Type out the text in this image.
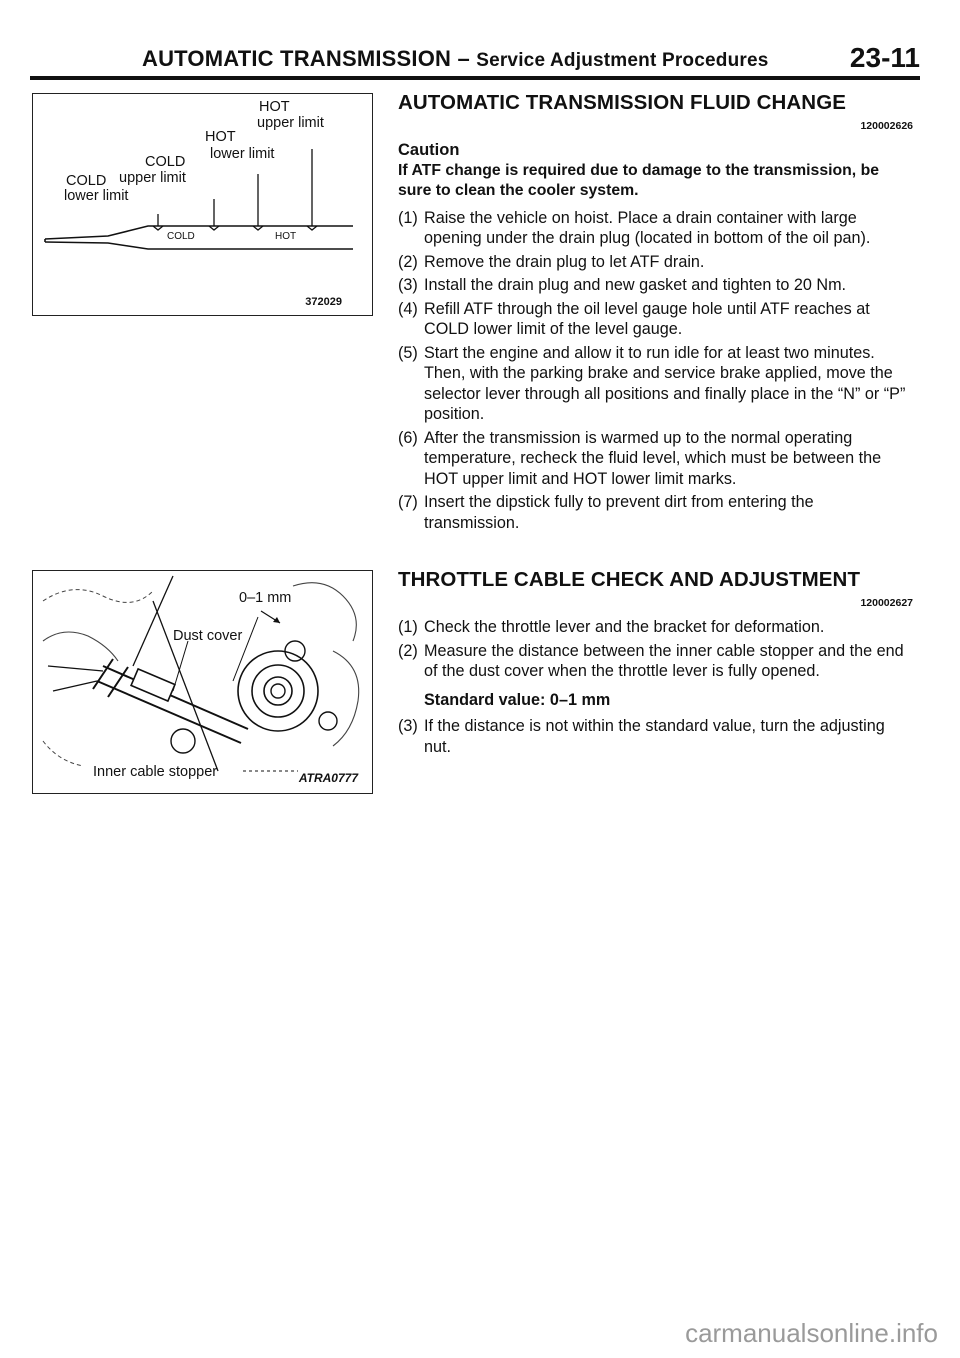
AUTOMATIC TRANSMISSION – Service Adjustment Procedures	23-11
HOT
upper limit
HOT
lower limit
COLD
COLD upper limit
lower limit
COLD	HOT
372029
0–1 mm
Dust cover
Inner cable stopper	ATRA0777
AUTOMATIC TRANSMISSION FLUID CHANGE
120002626
Caution
If ATF change is required due to damage to the transmission, be sure to clean the cooler system.
(1) Raise the vehicle on hoist. Place a drain container with large opening under the drain plug (located in bottom of the oil pan).
(2) Remove the drain plug to let ATF drain.
(3) Install the drain plug and new gasket and tighten to 20 Nm.
(4) Refill ATF through the oil level gauge hole until ATF reaches at COLD lower limit of the level gauge.
(5) Start the engine and allow it to run idle for at least two minutes. Then, with the parking brake and service brake applied, move the selector lever through all positions and finally place in the “N” or “P” position.
(6) After the transmission is warmed up to the normal operating temperature, recheck the fluid level, which must be between the HOT upper limit and HOT lower limit marks.
(7) Insert the dipstick fully to prevent dirt from entering the transmission.
THROTTLE CABLE CHECK AND ADJUSTMENT
120002627
(1) Check the throttle lever and the bracket for deformation.
(2) Measure the distance between the inner cable stopper and the end of the dust cover when the throttle lever is fully opened.
Standard value: 0–1 mm
(3) If the distance is not within the standard value, turn the adjusting nut.
carmanualsonline.info
